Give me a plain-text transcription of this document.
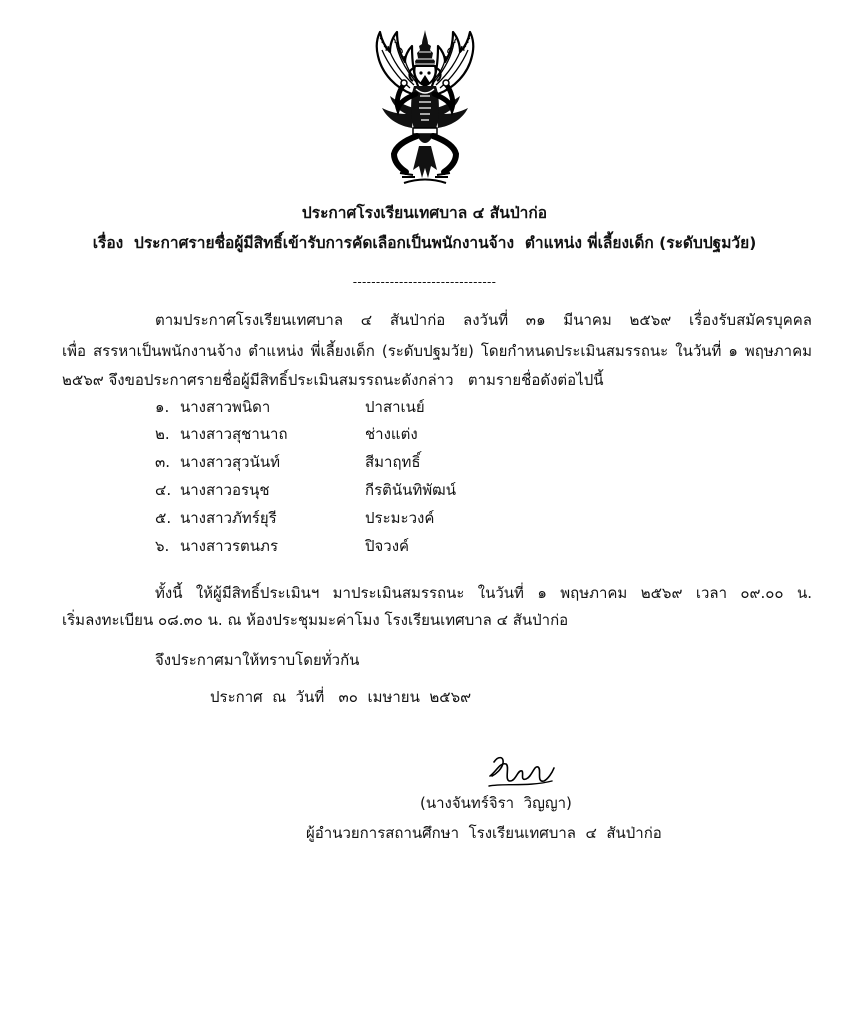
ประกาศโรงเรียนเทศบาล ๔ สันป่าก่อ
เรื่อง  ประกาศรายชื่อผู้มีสิทธิ์เข้ารับการคัดเลือกเป็นพนักงานจ้าง  ตำแหน่ง พี่เลี้ยงเด็ก (ระดับปฐมวัย)
-------------------------------
ตามประกาศโรงเรียนเทศบาล ๔ สันป่าก่อ ลงวันที่ ๓๑ มีนาคม ๒๕๖๙ เรื่องรับสมัครบุคคล
เพื่อ สรรหาเป็นพนักงานจ้าง ตำแหน่ง พี่เลี้ยงเด็ก (ระดับปฐมวัย) โดยกำหนดประเมินสมรรถนะ ในวันที่ ๑ พฤษภาคม
๒๕๖๙ จึงขอประกาศรายชื่อผู้มีสิทธิ์ประเมินสมรรถนะดังกล่าว   ตามรายชื่อดังต่อไปนี้
๑. นางสาวพนิดา	ปาสาเนย์
๒. นางสาวสุชานาถ	ช่างแต่ง
๓. นางสาวสุวนันท์	สีมาฤทธิ์
๔. นางสาวอรนุช	กีรตินันทิพัฒน์
๕. นางสาวภัทร์ยุรี	ประมะวงค์
๖. นางสาวรตนภร	ปิจวงค์
ทั้งนี้ ให้ผู้มีสิทธิ์ประเมินฯ มาประเมินสมรรถนะ ในวันที่ ๑ พฤษภาคม ๒๕๖๙ เวลา ๐๙.๐๐ น.
เริ่มลงทะเบียน ๐๘.๓๐ น. ณ ห้องประชุมมะค่าโมง โรงเรียนเทศบาล ๔ สันป่าก่อ
จึงประกาศมาให้ทราบโดยทั่วกัน
ประกาศ  ณ  วันที่   ๓๐  เมษายน  ๒๕๖๙
(นางจันทร์จิรา  วิญญา)
ผู้อำนวยการสถานศึกษา  โรงเรียนเทศบาล  ๔  สันป่าก่อ
